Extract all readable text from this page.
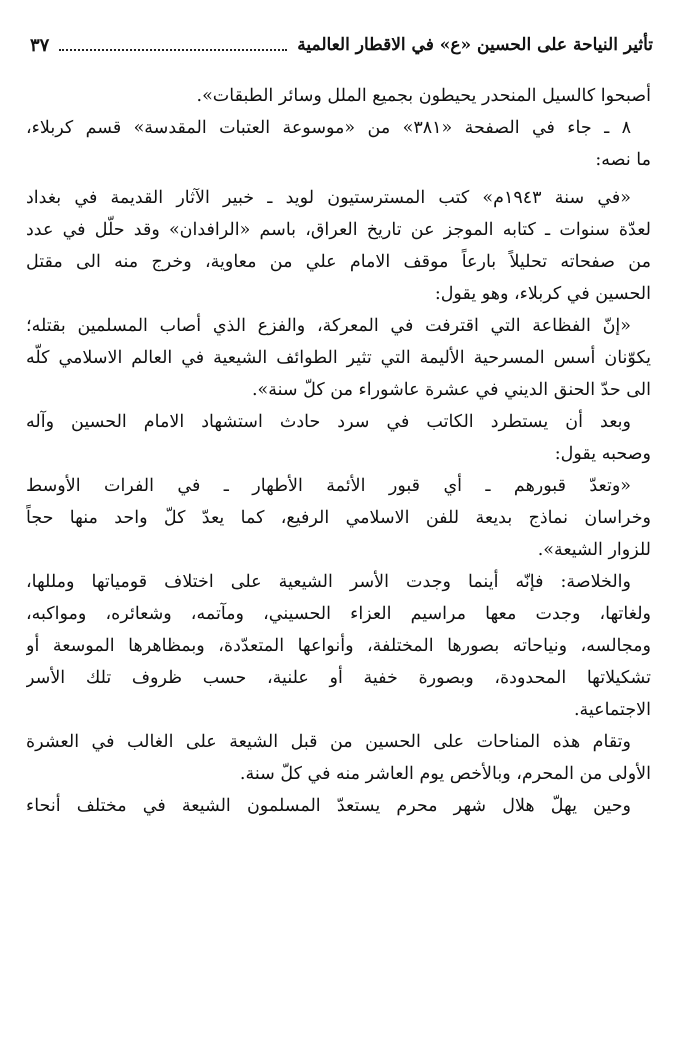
تأثير النياحة على الحسين «ع» في الاقطار العالمية
٣٧
أصبحوا كالسيل المنحدر يحيطون بجميع الملل وسائر الطبقات».
٨ ـ جاء في الصفحة «٣٨١» من «موسوعة العتبات المقدسة» قسم كربلاء،
ما نصه:
«في سنة ١٩٤٣م» كتب المسترستيون لويد ـ خبير الآثار القديمة في بغداد
لعدّة سنوات ـ كتابه الموجز عن تاريخ العراق، باسم «الرافدان» وقد حلّل في عدد
من صفحاته تحليلاً بارعاً موقف الامام علي من معاوية، وخرج منه الى مقتل
الحسين في كربلاء، وهو يقول:
«إنّ الفظاعة التي اقترفت في المعركة، والفزع الذي أصاب المسلمين بقتله؛
يكوّنان أسس المسرحية الأليمة التي تثير الطوائف الشيعية في العالم الاسلامي كلّه
الى حدّ الحنق الديني في عشرة عاشوراء من كلّ سنة».
وبعد أن يستطرد الكاتب في سرد حادث استشهاد الامام الحسين وآله
وصحبه يقول:
«وتعدّ قبورهم ـ أي قبور الأئمة الأطهار ـ في الفرات الأوسط
وخراسان نماذج بديعة للفن الاسلامي الرفيع، كما يعدّ كلّ واحد منها حجاً
للزوار الشيعة».
والخلاصة: فإنّه أينما وجدت الأسر الشيعية على اختلاف قومياتها ومللها،
ولغاتها، وجدت معها مراسيم العزاء الحسيني، ومآتمه، وشعائره، ومواكبه،
ومجالسه، ونياحاته بصورها المختلفة، وأنواعها المتعدّدة، وبمظاهرها الموسعة أو
تشكيلاتها المحدودة، وبصورة خفية أو علنية، حسب ظروف تلك الأسر
الاجتماعية.
وتقام هذه المناحات على الحسين من قبل الشيعة على الغالب في العشرة
الأولى من المحرم، وبالأخص يوم العاشر منه في كلّ سنة.
وحين يهلّ هلال شهر محرم يستعدّ المسلمون الشيعة في مختلف أنحاء
